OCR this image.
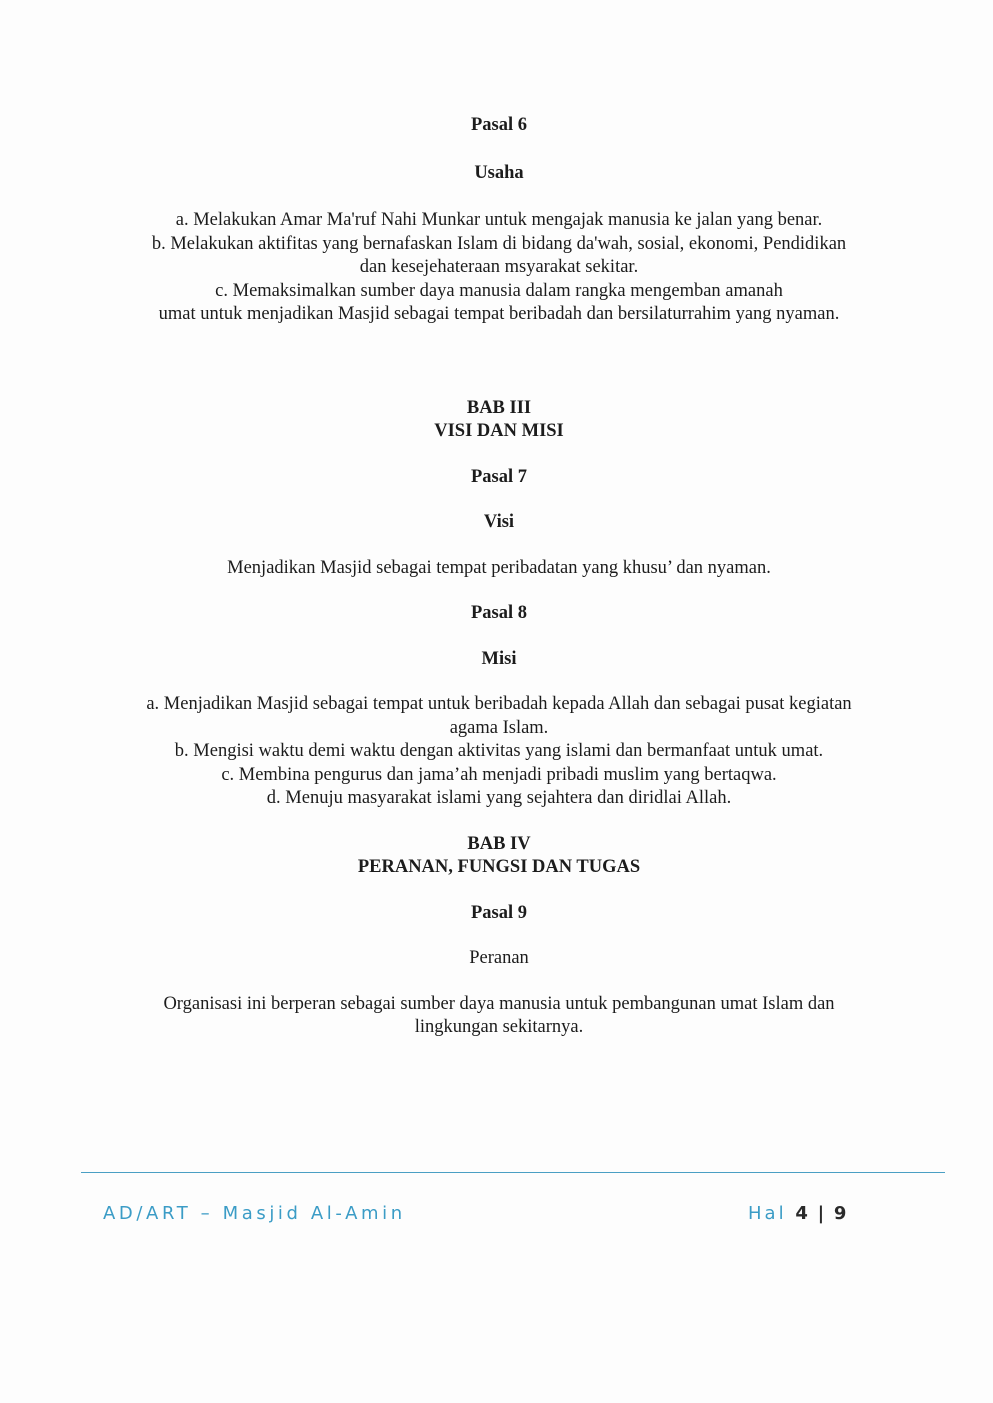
Pasal 6

Usaha

a. Melakukan Amar Ma'ruf Nahi Munkar untuk mengajak manusia ke jalan yang benar.

b. Melakukan aktifitas yang bernafaskan Islam di bidang da'wah, sosial, ekonomi, Pendidikan

dan kesejehateraan msyarakat sekitar.

c. Memaksimalkan sumber daya manusia dalam rangka mengemban amanah

umat untuk menjadikan Masjid sebagai tempat beribadah dan bersilaturrahim yang nyaman.

BAB III

VISI DAN MISI

Pasal 7

Visi

Menjadikan Masjid sebagai tempat peribadatan yang khusu’ dan nyaman.

Pasal 8

Misi

a. Menjadikan Masjid sebagai tempat untuk beribadah kepada Allah dan sebagai pusat kegiatan

agama Islam.

b. Mengisi waktu demi waktu dengan aktivitas yang islami dan bermanfaat untuk umat.

c. Membina pengurus dan jama’ah menjadi pribadi muslim yang bertaqwa.

d. Menuju masyarakat islami yang sejahtera dan diridlai Allah.

BAB IV

PERANAN, FUNGSI DAN TUGAS

Pasal 9

Peranan

Organisasi ini berperan sebagai sumber daya manusia untuk pembangunan umat Islam dan

lingkungan sekitarnya.

AD/ART – Masjid Al-Amin	Hal 4 | 9
